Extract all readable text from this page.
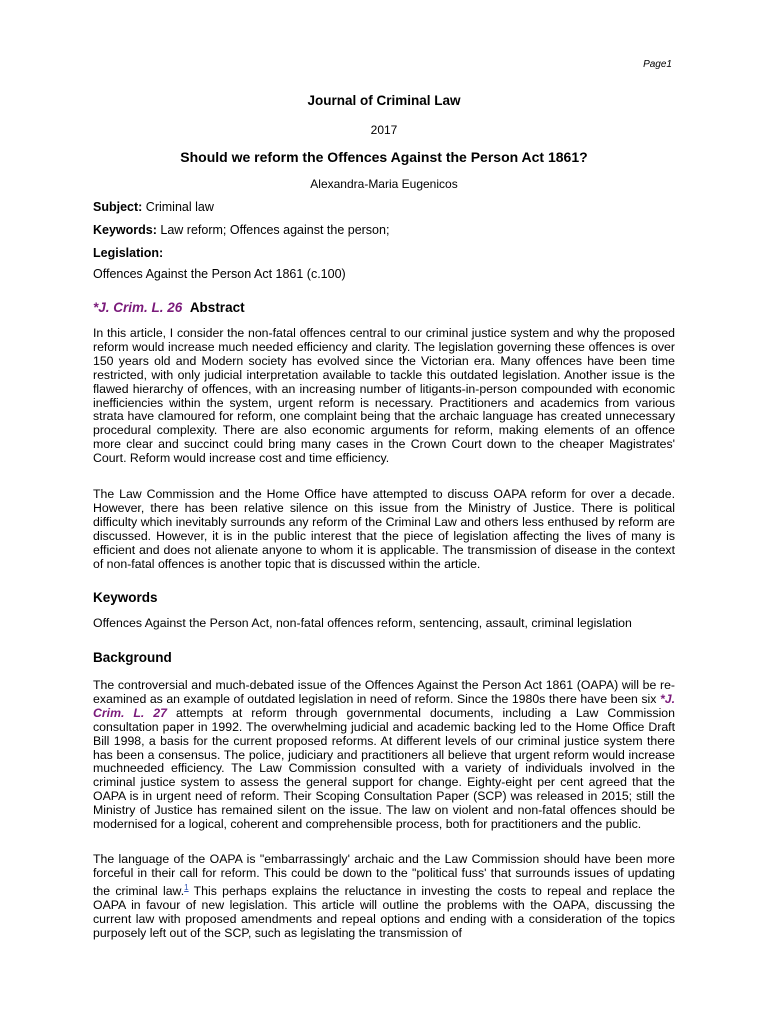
Page1
Journal of Criminal Law
2017
Should we reform the Offences Against the Person Act 1861?
Alexandra-Maria Eugenicos
Subject: Criminal law
Keywords: Law reform; Offences against the person;
Legislation:
Offences Against the Person Act 1861 (c.100)
*J. Crim. L. 26 Abstract
In this article, I consider the non-fatal offences central to our criminal justice system and why the proposed reform would increase much needed efficiency and clarity. The legislation governing these offences is over 150 years old and Modern society has evolved since the Victorian era. Many offences have been time restricted, with only judicial interpretation available to tackle this outdated legislation. Another issue is the flawed hierarchy of offences, with an increasing number of litigants-in-person compounded with economic inefficiencies within the system, urgent reform is necessary. Practitioners and academics from various strata have clamoured for reform, one complaint being that the archaic language has created unnecessary procedural complexity. There are also economic arguments for reform, making elements of an offence more clear and succinct could bring many cases in the Crown Court down to the cheaper Magistrates' Court. Reform would increase cost and time efficiency.
The Law Commission and the Home Office have attempted to discuss OAPA reform for over a decade. However, there has been relative silence on this issue from the Ministry of Justice. There is political difficulty which inevitably surrounds any reform of the Criminal Law and others less enthused by reform are discussed. However, it is in the public interest that the piece of legislation affecting the lives of many is efficient and does not alienate anyone to whom it is applicable. The transmission of disease in the context of non-fatal offences is another topic that is discussed within the article.
Keywords
Offences Against the Person Act, non-fatal offences reform, sentencing, assault, criminal legislation
Background
The controversial and much-debated issue of the Offences Against the Person Act 1861 (OAPA) will be re-examined as an example of outdated legislation in need of reform. Since the 1980s there have been six *J. Crim. L. 27 attempts at reform through governmental documents, including a Law Commission consultation paper in 1992. The overwhelming judicial and academic backing led to the Home Office Draft Bill 1998, a basis for the current proposed reforms. At different levels of our criminal justice system there has been a consensus. The police, judiciary and practitioners all believe that urgent reform would increase muchneeded efficiency. The Law Commission consulted with a variety of individuals involved in the criminal justice system to assess the general support for change. Eighty-eight per cent agreed that the OAPA is in urgent need of reform. Their Scoping Consultation Paper (SCP) was released in 2015; still the Ministry of Justice has remained silent on the issue. The law on violent and non-fatal offences should be modernised for a logical, coherent and comprehensible process, both for practitioners and the public.
The language of the OAPA is "embarrassingly' archaic and the Law Commission should have been more forceful in their call for reform. This could be down to the "political fuss' that surrounds issues of updating the criminal law.$^1$ This perhaps explains the reluctance in investing the costs to repeal and replace the OAPA in favour of new legislation. This article will outline the problems with the OAPA, discussing the current law with proposed amendments and repeal options and ending with a consideration of the topics purposely left out of the SCP, such as legislating the transmission of
